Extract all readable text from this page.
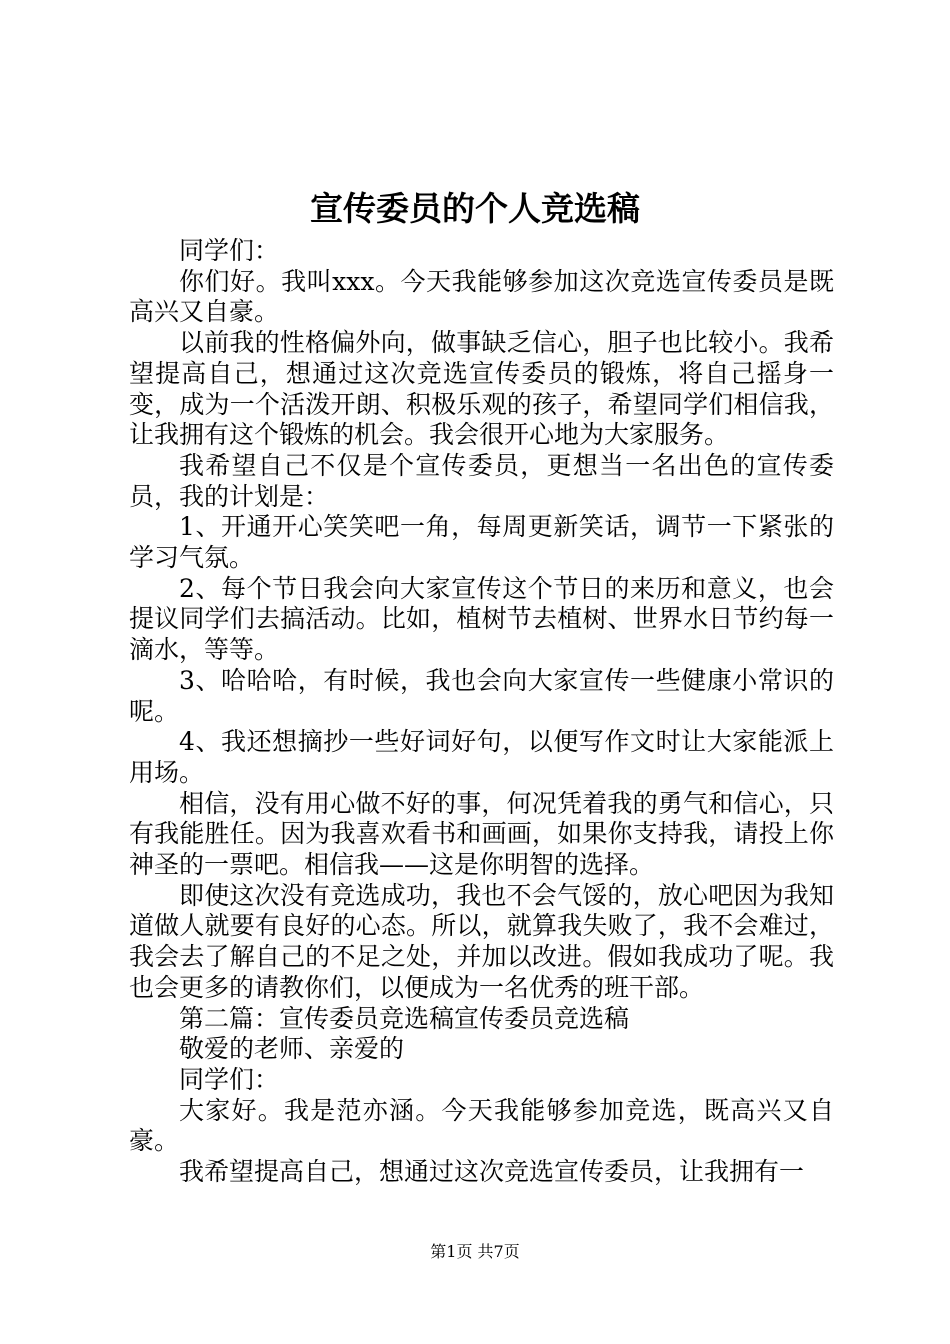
宣传委员的个人竞选稿

同学们：

你们好。我叫xxx。今天我能够参加这次竞选宣传委员是既高兴又自豪。

以前我的性格偏外向，做事缺乏信心，胆子也比较小。我希望提高自己，想通过这次竞选宣传委员的锻炼，将自己摇身一变，成为一个活泼开朗、积极乐观的孩子，希望同学们相信我，让我拥有这个锻炼的机会。我会很开心地为大家服务。

我希望自己不仅是个宣传委员，更想当一名出色的宣传委员，我的计划是：

1、开通开心笑笑吧一角，每周更新笑话，调节一下紧张的学习气氛。

2、每个节日我会向大家宣传这个节日的来历和意义，也会提议同学们去搞活动。比如，植树节去植树、世界水日节约每一滴水，等等。

3、哈哈哈，有时候，我也会向大家宣传一些健康小常识的呢。

4、我还想摘抄一些好词好句，以便写作文时让大家能派上用场。

相信，没有用心做不好的事，何况凭着我的勇气和信心，只有我能胜任。因为我喜欢看书和画画，如果你支持我，请投上你神圣的一票吧。相信我——这是你明智的选择。

即使这次没有竞选成功，我也不会气馁的，放心吧因为我知道做人就要有良好的心态。所以，就算我失败了，我不会难过，我会去了解自己的不足之处，并加以改进。假如我成功了呢。我也会更多的请教你们，以便成为一名优秀的班干部。

第二篇：宣传委员竞选稿宣传委员竞选稿

敬爱的老师、亲爱的

同学们：

大家好。我是范亦涵。今天我能够参加竞选，既高兴又自豪。

我希望提高自己，想通过这次竞选宣传委员，让我拥有一

第1页 共7页
